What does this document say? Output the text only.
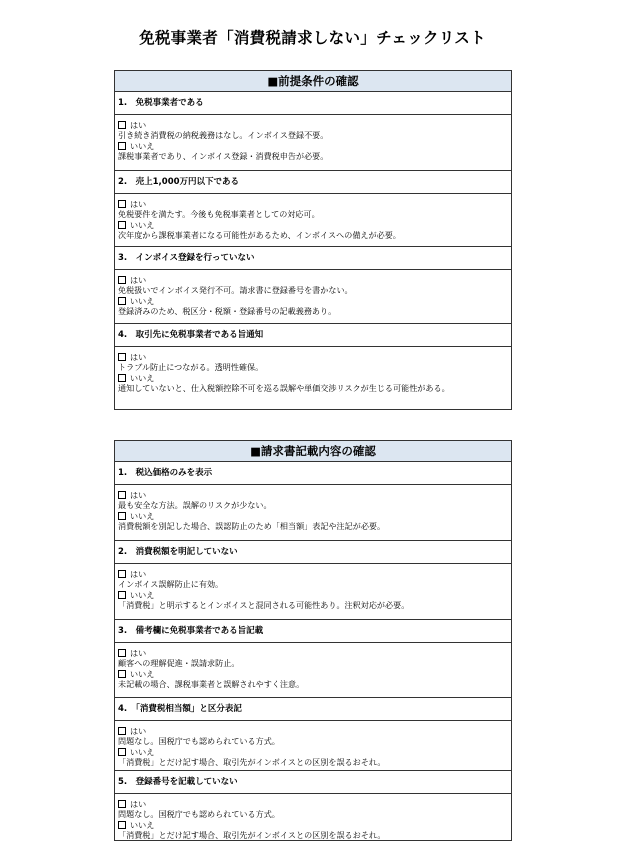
免税事業者「消費税請求しない」チェックリスト
■前提条件の確認
1.　免税事業者である
はい
引き続き消費税の納税義務はなし。インボイス登録不要。
いいえ
課税事業者であり、インボイス登録・消費税申告が必要。
2.　売上1,000万円以下である
はい
免税要件を満たす。今後も免税事業者としての対応可。
いいえ
次年度から課税事業者になる可能性があるため、インボイスへの備えが必要。
3.　インボイス登録を行っていない
はい
免税扱いでインボイス発行不可。請求書に登録番号を書かない。
いいえ
登録済みのため、税区分・税額・登録番号の記載義務あり。
4.　取引先に免税事業者である旨通知
はい
トラブル防止につながる。透明性確保。
いいえ
通知していないと、仕入税額控除不可を巡る誤解や単価交渉リスクが生じる可能性がある。
■請求書記載内容の確認
1.　税込価格のみを表示
はい
最も安全な方法。誤解のリスクが少ない。
いいえ
消費税額を別記した場合、誤認防止のため「相当額」表記や注記が必要。
2.　消費税額を明記していない
はい
インボイス誤解防止に有効。
いいえ
「消費税」と明示するとインボイスと混同される可能性あり。注釈対応が必要。
3.　備考欄に免税事業者である旨記載
はい
顧客への理解促進・誤請求防止。
いいえ
未記載の場合、課税事業者と誤解されやすく注意。
4.　「消費税相当額」と区分表記
はい
問題なし。国税庁でも認められている方式。
いいえ
「消費税」とだけ記す場合、取引先がインボイスとの区別を誤るおそれ。
5.　登録番号を記載していない
はい
問題なし。国税庁でも認められている方式。
いいえ
「消費税」とだけ記す場合、取引先がインボイスとの区別を誤るおそれ。
